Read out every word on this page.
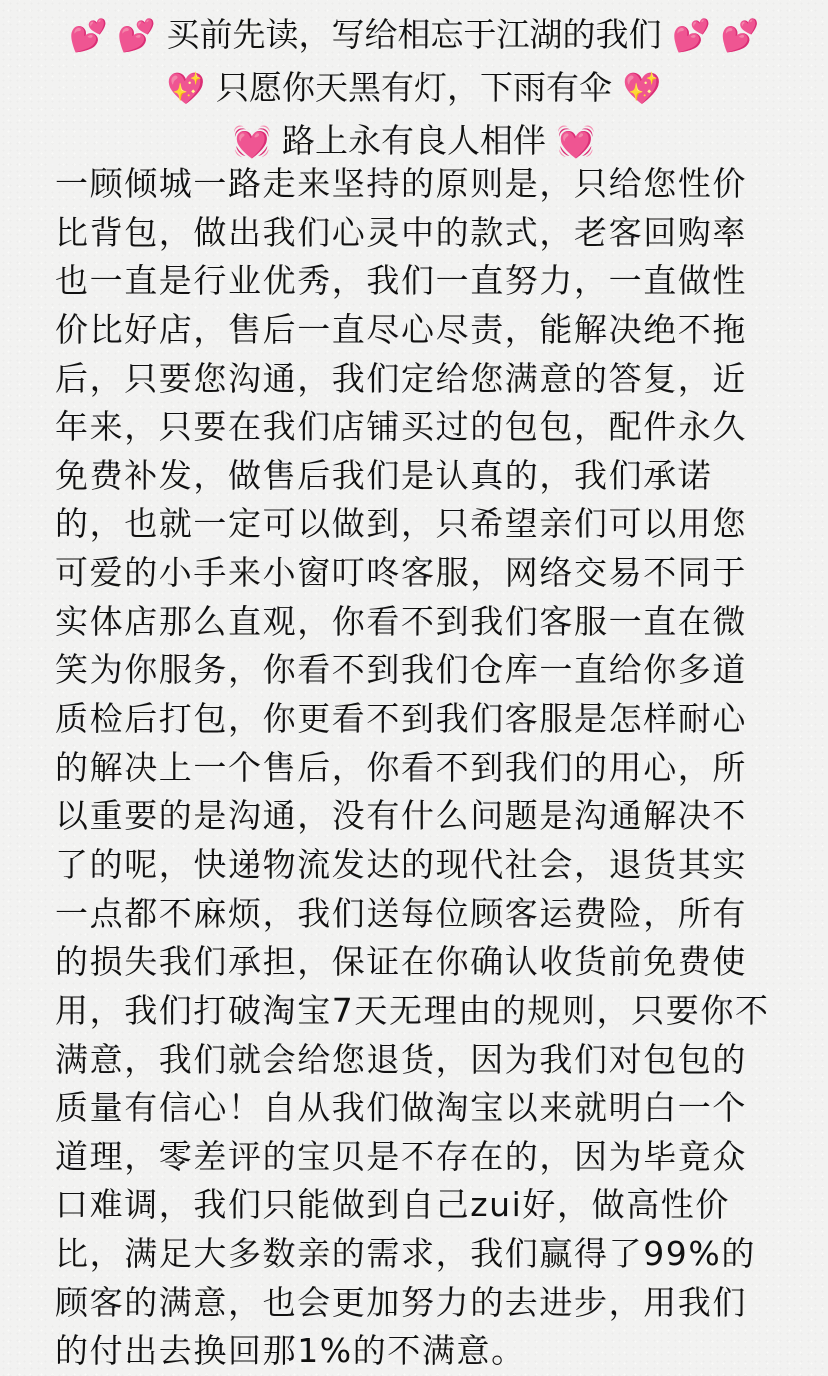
💕 💕 买前先读，写给相忘于江湖的我们 💕 💕
💖 只愿你天黑有灯，下雨有伞 💖
💓 路上永有良人相伴 💓
一顾倾城一路走来坚持的原则是，只给您性价
比背包，做出我们心灵中的款式，老客回购率
也一直是行业优秀，我们一直努力，一直做性
价比好店，售后一直尽心尽责，能解决绝不拖
后，只要您沟通，我们定给您满意的答复，近
年来，只要在我们店铺买过的包包，配件永久
免费补发，做售后我们是认真的，我们承诺
的，也就一定可以做到，只希望亲们可以用您
可爱的小手来小窗叮咚客服，网络交易不同于
实体店那么直观，你看不到我们客服一直在微
笑为你服务，你看不到我们仓库一直给你多道
质检后打包，你更看不到我们客服是怎样耐心
的解决上一个售后，你看不到我们的用心，所
以重要的是沟通，没有什么问题是沟通解决不
了的呢，快递物流发达的现代社会，退货其实
一点都不麻烦，我们送每位顾客运费险，所有
的损失我们承担，保证在你确认收货前免费使
用，我们打破淘宝7天无理由的规则，只要你不
满意，我们就会给您退货，因为我们对包包的
质量有信心！自从我们做淘宝以来就明白一个
道理，零差评的宝贝是不存在的，因为毕竟众
口难调，我们只能做到自己zui好，做高性价
比，满足大多数亲的需求，我们赢得了99%的
顾客的满意，也会更加努力的去进步，用我们
的付出去换回那1%的不满意。
